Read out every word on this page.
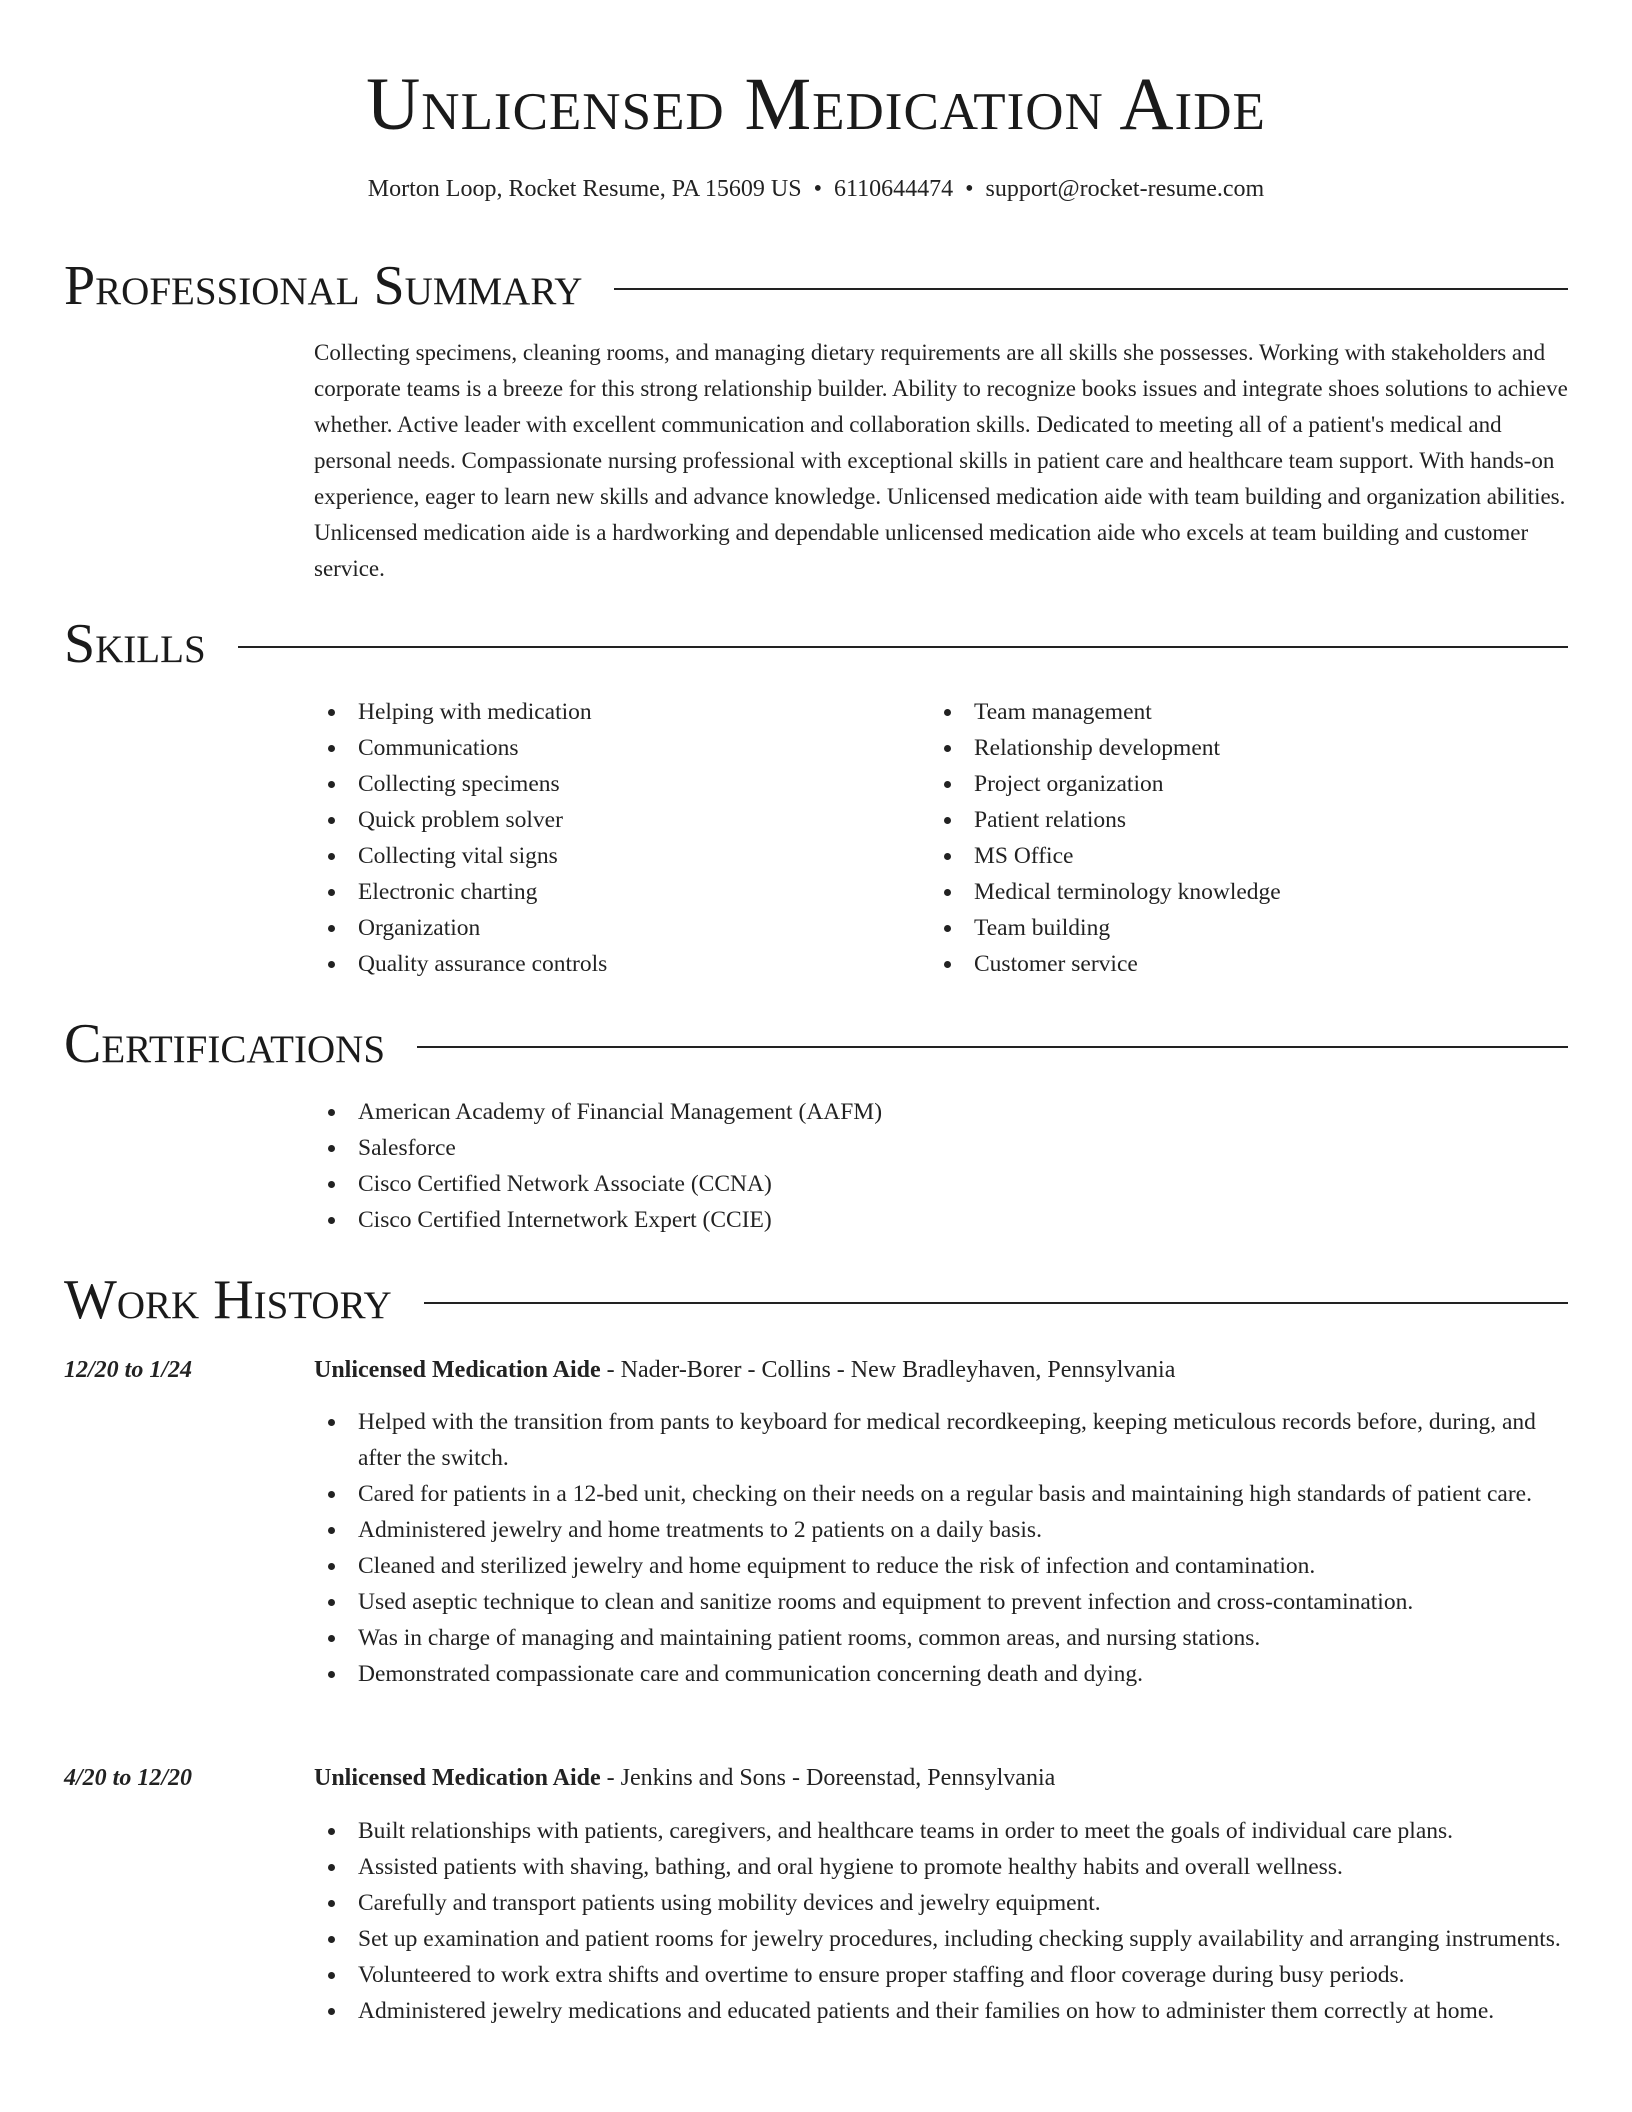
Unlicensed Medication Aide
Morton Loop, Rocket Resume, PA 15609 US • 6110644474 • support@rocket-resume.com
Professional Summary

Collecting specimens, cleaning rooms, and managing dietary requirements are all skills she possesses. Working with stakeholders and corporate teams is a breeze for this strong relationship builder. Ability to recognize books issues and integrate shoes solutions to achieve whether. Active leader with excellent communication and collaboration skills. Dedicated to meeting all of a patient's medical and personal needs. Compassionate nursing professional with exceptional skills in patient care and healthcare team support. With hands-on experience, eager to learn new skills and advance knowledge. Unlicensed medication aide with team building and organization abilities. Unlicensed medication aide is a hardworking and dependable unlicensed medication aide who excels at team building and customer service.

Skills
Helping with medication
Communications
Collecting specimens
Quick problem solver
Collecting vital signs
Electronic charting
Organization
Quality assurance controls
Team management
Relationship development
Project organization
Patient relations
MS Office
Medical terminology knowledge
Team building
Customer service
Certifications
American Academy of Financial Management (AAFM)
Salesforce
Cisco Certified Network Associate (CCNA)
Cisco Certified Internetwork Expert (CCIE)
Work History
12/20 to 1/24	Unlicensed Medication Aide - Nader-Borer - Collins - New Bradleyhaven, Pennsylvania
Helped with the transition from pants to keyboard for medical recordkeeping, keeping meticulous records before, during, and after the switch.
Cared for patients in a 12-bed unit, checking on their needs on a regular basis and maintaining high standards of patient care.
Administered jewelry and home treatments to 2 patients on a daily basis.
Cleaned and sterilized jewelry and home equipment to reduce the risk of infection and contamination.
Used aseptic technique to clean and sanitize rooms and equipment to prevent infection and cross-contamination.
Was in charge of managing and maintaining patient rooms, common areas, and nursing stations.
Demonstrated compassionate care and communication concerning death and dying.
4/20 to 12/20	Unlicensed Medication Aide - Jenkins and Sons - Doreenstad, Pennsylvania
Built relationships with patients, caregivers, and healthcare teams in order to meet the goals of individual care plans.
Assisted patients with shaving, bathing, and oral hygiene to promote healthy habits and overall wellness.
Carefully and transport patients using mobility devices and jewelry equipment.
Set up examination and patient rooms for jewelry procedures, including checking supply availability and arranging instruments.
Volunteered to work extra shifts and overtime to ensure proper staffing and floor coverage during busy periods.
Administered jewelry medications and educated patients and their families on how to administer them correctly at home.
